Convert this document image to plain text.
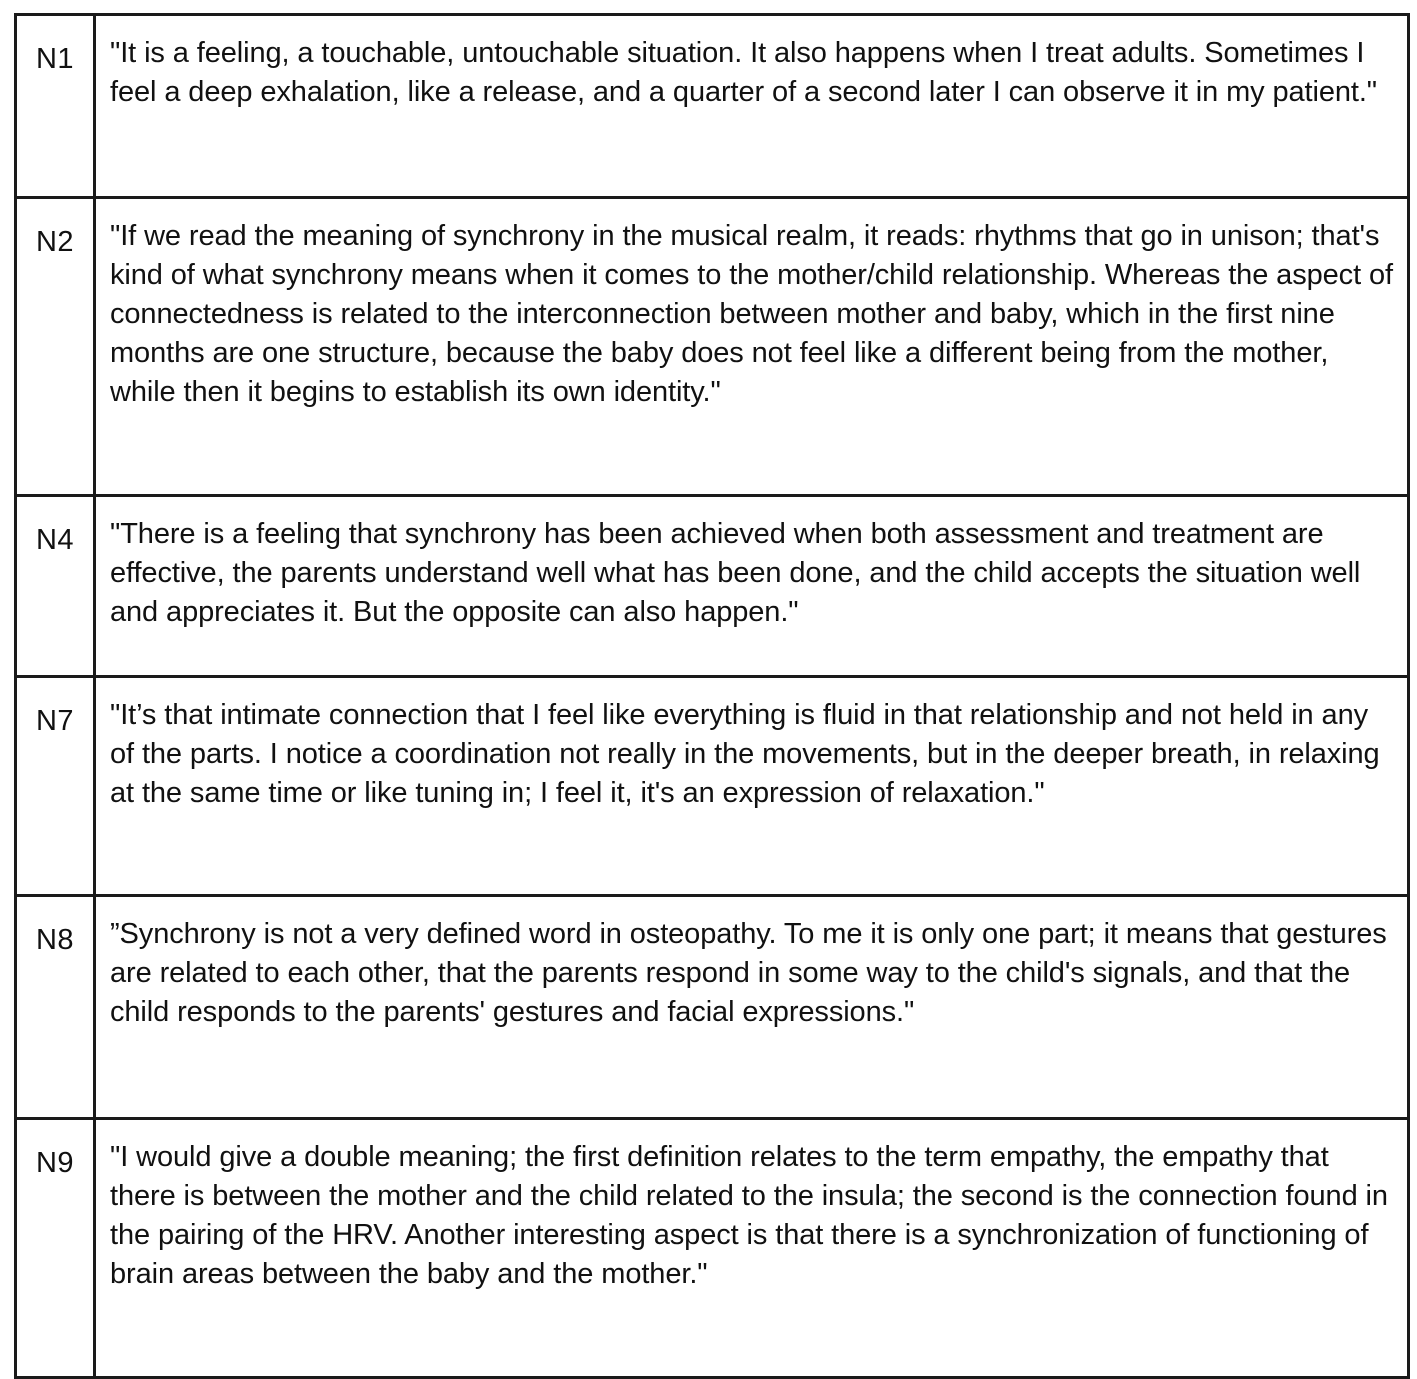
N1	"It is a feeling, a touchable, untouchable situation. It also happens when I treat adults. Sometimes I feel a deep exhalation, like a release, and a quarter of a second later I can observe it in my patient."

N2	"If we read the meaning of synchrony in the musical realm, it reads: rhythms that go in unison; that's kind of what synchrony means when it comes to the mother/child relationship. Whereas the aspect of connectedness is related to the interconnection between mother and baby, which in the first nine months are one structure, because the baby does not feel like a different being from the mother, while then it begins to establish its own identity."

N4	"There is a feeling that synchrony has been achieved when both assessment and treatment are effective, the parents understand well what has been done, and the child accepts the situation well and appreciates it. But the opposite can also happen."

N7	"It’s that intimate connection that I feel like everything is fluid in that relationship and not held in any of the parts. I notice a coordination not really in the movements, but in the deeper breath, in relaxing at the same time or like tuning in; I feel it, it's an expression of relaxation."

N8	”Synchrony is not a very defined word in osteopathy. To me it is only one part; it means that gestures are related to each other, that the parents respond in some way to the child's signals, and that the child responds to the parents' gestures and facial expressions."

N9	"I would give a double meaning; the first definition relates to the term empathy, the empathy that there is between the mother and the child related to the insula; the second is the connection found in the pairing of the HRV. Another interesting aspect is that there is a synchronization of functioning of brain areas between the baby and the mother."
